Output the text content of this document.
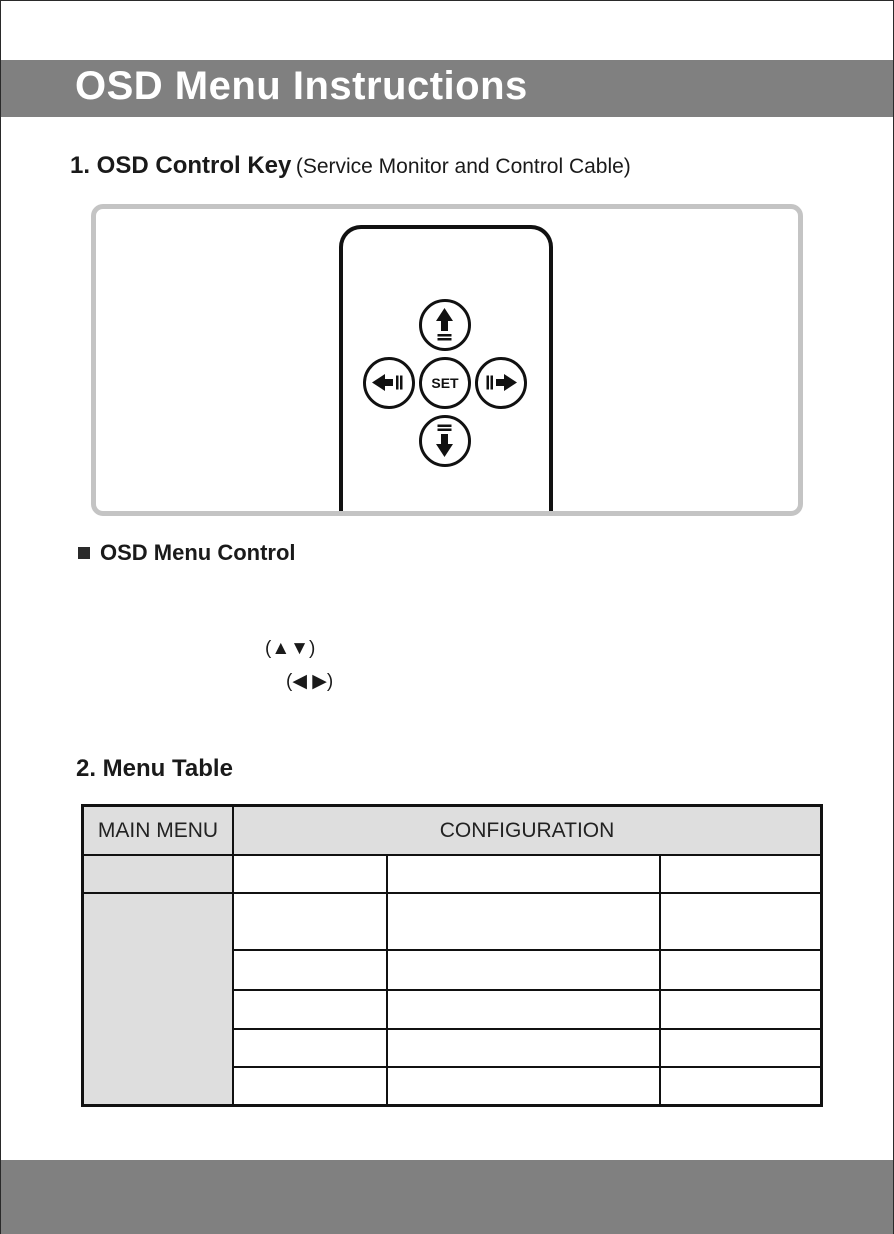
OSD Menu Instructions
1. OSD Control Key (Service Monitor and Control Cable)
SET
OSD Menu Control
(▲▼)
(◀ ▶)
2. Menu Table
MAIN MENU	CONFIGURATION
